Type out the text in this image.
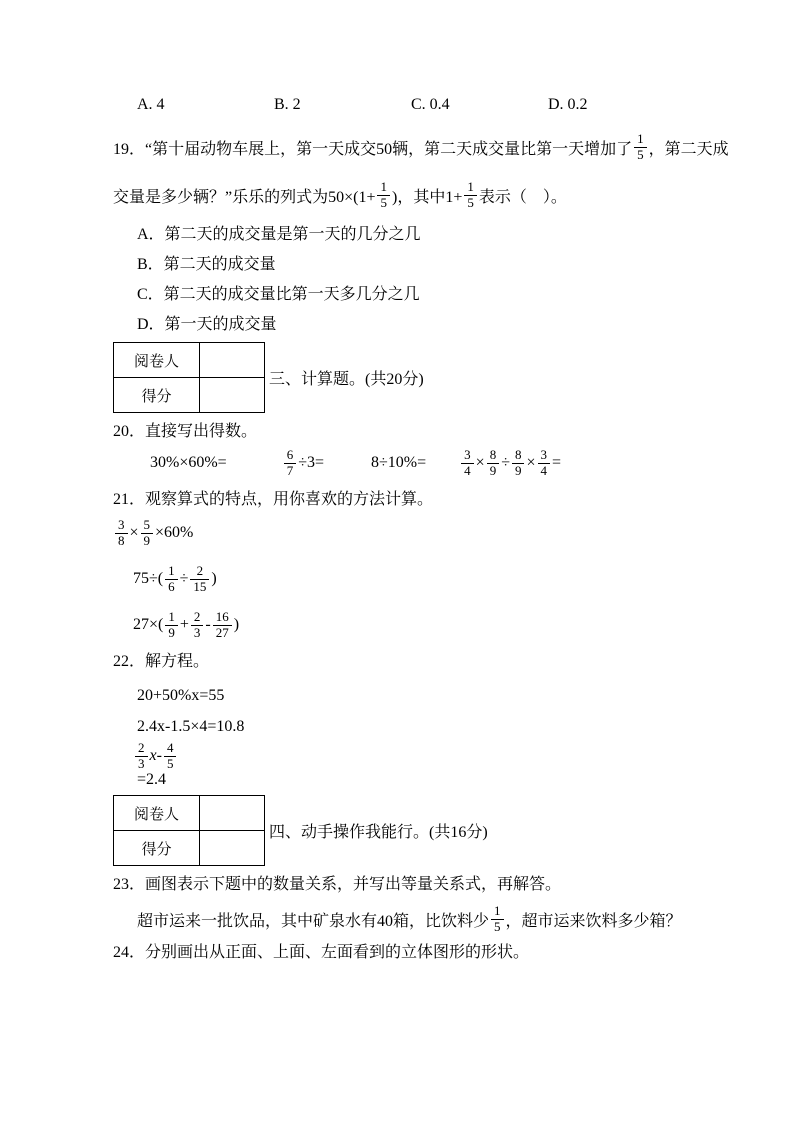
A. 4	B. 2	C. 0.4	D. 0.2
19．“第十届动物车展上，第一天成交50辆，第二天成交量比第一天增加了 $\frac{1}{5}$ ，第二天成
交量是多少辆？”乐乐的列式为$50\times(1+ \frac{1}{5}$ )，其中$1+ \frac{1}{5}$ 表示（　）。
A．第二天的成交量是第一天的几分之几
B．第二天的成交量
C．第二天的成交量比第一天多几分之几
D．第一天的成交量
阅卷人	
得分	
三、计算题。(共20分)
20．直接写出得数。
30%×60%=	$\frac{6}{7} \div 3=$	8÷10%=	$\frac{3}{4} \times \frac{8}{9} \div \frac{8}{9} \times \frac{3}{4}$ =
21．观察算式的特点，用你喜欢的方法计算。
$\frac{3}{8} \times \frac{5}{9} \times 60\%$
$75\div( \frac{1}{6} \div \frac{2}{15}$ )
$27\times( \frac{1}{9} + \frac{2}{3} - \frac{16}{27}$ )
22．解方程。
20+50%x=55
2.4x-1.5×4=10.8
$\frac{2}{3} x- \frac{4}{5}$
=2.4
阅卷人	
得分	
四、动手操作我能行。(共16分)
23．画图表示下题中的数量关系，并写出等量关系式，再解答。
超市运来一批饮品，其中矿泉水有40箱，比饮料少 $\frac{1}{5}$ ，超市运来饮料多少箱？
24．分别画出从正面、上面、左面看到的立体图形的形状。
